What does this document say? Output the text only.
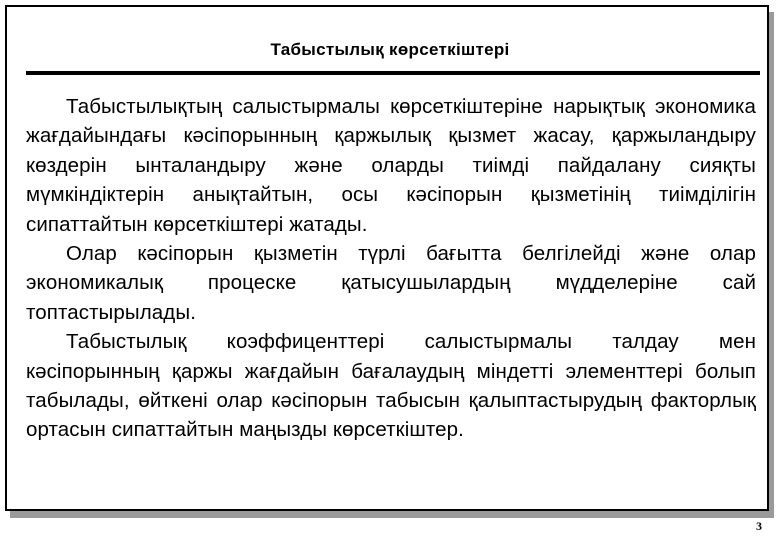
Табыстылық көрсеткіштері

Табыстылықтың салыстырмалы көрсеткіштеріне нарықтық экономика жағдайындағы кәсіпорынның қаржылық қызмет жасау, қаржыландыру көздерін ынталандыру және оларды тиімді пайдалану сияқты мүмкіндіктерін анықтайтын, осы кәсіпорын қызметінің тиімділігін сипаттайтын көрсеткіштері жатады.

Олар кәсіпорын қызметін түрлі бағытта белгілейді және олар экономикалық процеске қатысушылардың мүдделеріне сай топтастырылады.

Табыстылық коэффиценттері салыстырмалы талдау мен кәсіпорынның қаржы жағдайын бағалаудың міндетті элементтері болып табылады, өйткені олар кәсіпорын табысын қалыптастырудың факторлық ортасын сипаттайтын маңызды көрсеткіштер.

3
